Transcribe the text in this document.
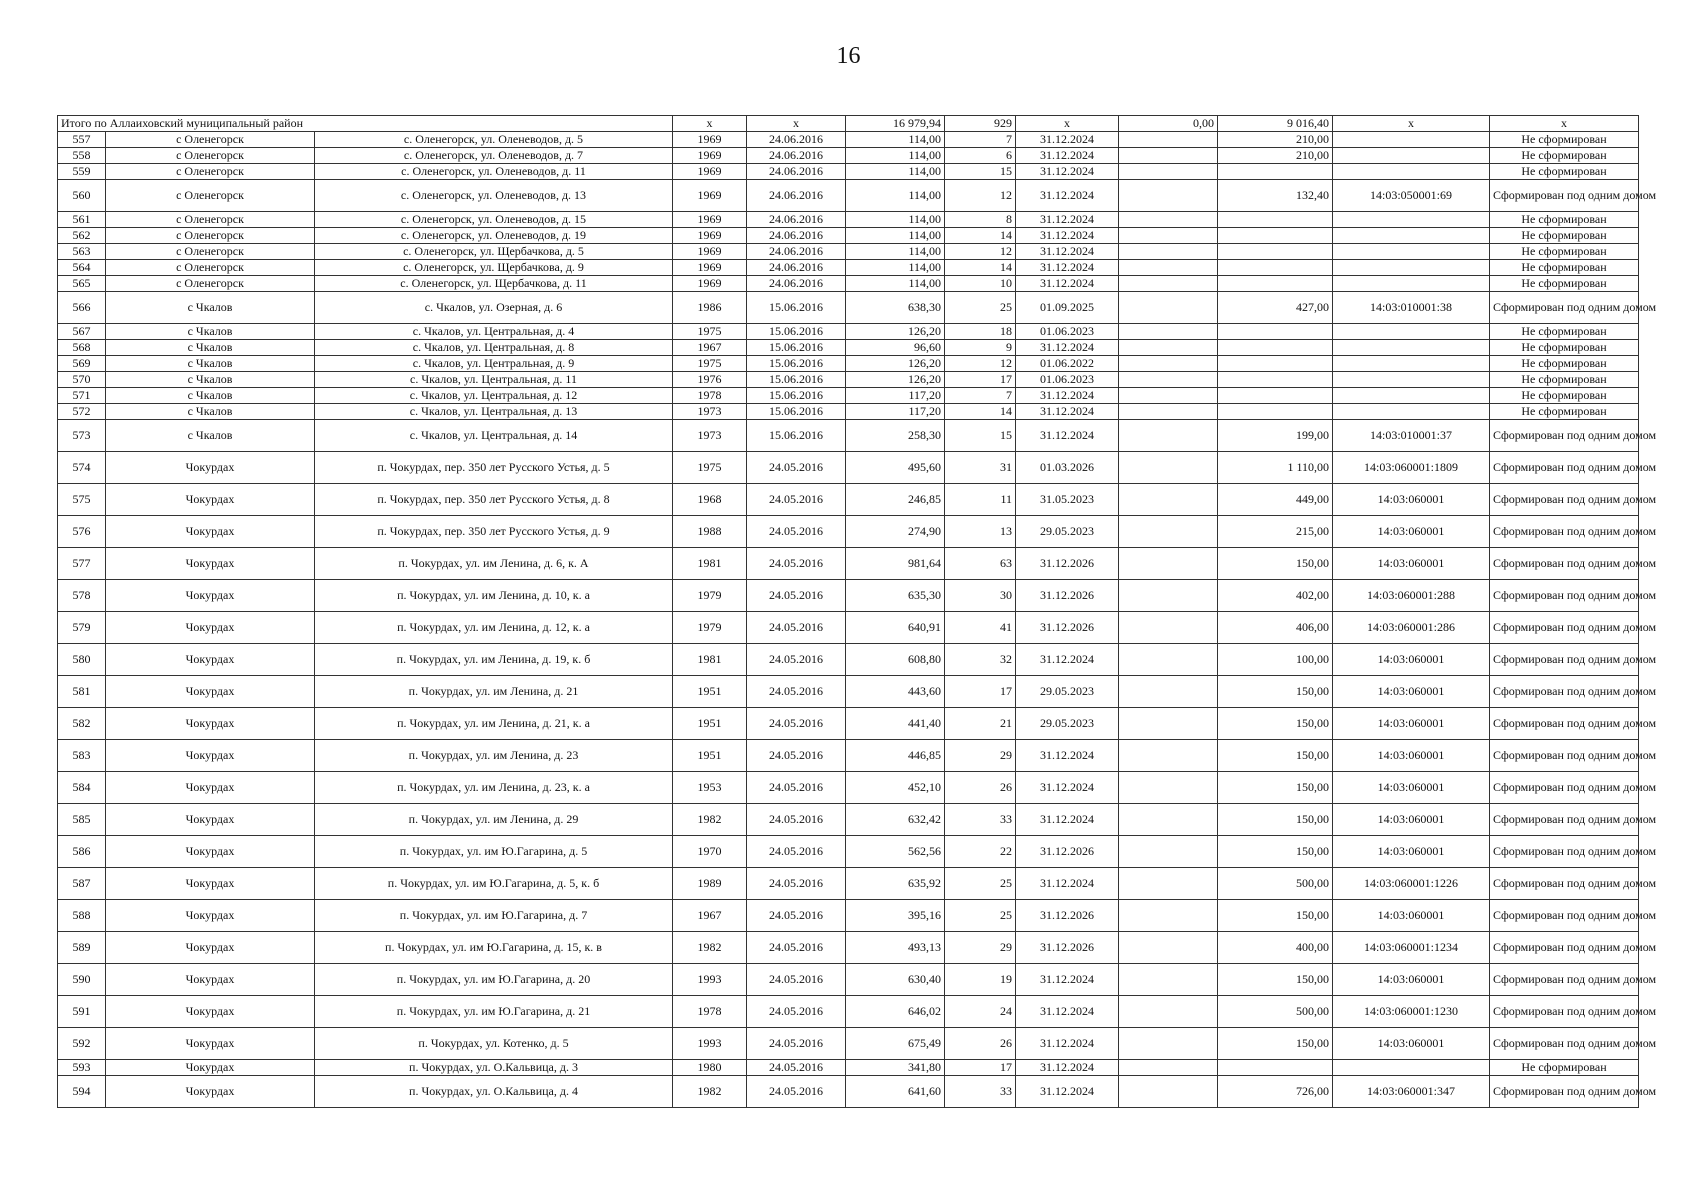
16
Итого по Аллаиховский муниципальный район			x	x	16 979,94	929	x	0,00	9 016,40	x	x
557	с Оленегорск	с. Оленегорск, ул. Оленеводов, д. 5	1969	24.06.2016	114,00	7	31.12.2024		210,00		Не сформирован
558	с Оленегорск	с. Оленегорск, ул. Оленеводов, д. 7	1969	24.06.2016	114,00	6	31.12.2024		210,00		Не сформирован
559	с Оленегорск	с. Оленегорск, ул. Оленеводов, д. 11	1969	24.06.2016	114,00	15	31.12.2024				Не сформирован
560	с Оленегорск	с. Оленегорск, ул. Оленеводов, д. 13	1969	24.06.2016	114,00	12	31.12.2024		132,40	14:03:050001:69	Сформирован под одним домом
561	с Оленегорск	с. Оленегорск, ул. Оленеводов, д. 15	1969	24.06.2016	114,00	8	31.12.2024				Не сформирован
562	с Оленегорск	с. Оленегорск, ул. Оленеводов, д. 19	1969	24.06.2016	114,00	14	31.12.2024				Не сформирован
563	с Оленегорск	с. Оленегорск, ул. Щербачкова, д. 5	1969	24.06.2016	114,00	12	31.12.2024				Не сформирован
564	с Оленегорск	с. Оленегорск, ул. Щербачкова, д. 9	1969	24.06.2016	114,00	14	31.12.2024				Не сформирован
565	с Оленегорск	с. Оленегорск, ул. Щербачкова, д. 11	1969	24.06.2016	114,00	10	31.12.2024				Не сформирован
566	с Чкалов	с. Чкалов, ул. Озерная, д. 6	1986	15.06.2016	638,30	25	01.09.2025		427,00	14:03:010001:38	Сформирован под одним домом
567	с Чкалов	с. Чкалов, ул. Центральная, д. 4	1975	15.06.2016	126,20	18	01.06.2023				Не сформирован
568	с Чкалов	с. Чкалов, ул. Центральная, д. 8	1967	15.06.2016	96,60	9	31.12.2024				Не сформирован
569	с Чкалов	с. Чкалов, ул. Центральная, д. 9	1975	15.06.2016	126,20	12	01.06.2022				Не сформирован
570	с Чкалов	с. Чкалов, ул. Центральная, д. 11	1976	15.06.2016	126,20	17	01.06.2023				Не сформирован
571	с Чкалов	с. Чкалов, ул. Центральная, д. 12	1978	15.06.2016	117,20	7	31.12.2024				Не сформирован
572	с Чкалов	с. Чкалов, ул. Центральная, д. 13	1973	15.06.2016	117,20	14	31.12.2024				Не сформирован
573	с Чкалов	с. Чкалов, ул. Центральная, д. 14	1973	15.06.2016	258,30	15	31.12.2024		199,00	14:03:010001:37	Сформирован под одним домом
574	Чокурдах	п. Чокурдах, пер. 350 лет Русского Устья, д. 5	1975	24.05.2016	495,60	31	01.03.2026		1 110,00	14:03:060001:1809	Сформирован под одним домом
575	Чокурдах	п. Чокурдах, пер. 350 лет Русского Устья, д. 8	1968	24.05.2016	246,85	11	31.05.2023		449,00	14:03:060001	Сформирован под одним домом
576	Чокурдах	п. Чокурдах, пер. 350 лет Русского Устья, д. 9	1988	24.05.2016	274,90	13	29.05.2023		215,00	14:03:060001	Сформирован под одним домом
577	Чокурдах	п. Чокурдах, ул. им Ленина, д. 6, к. А	1981	24.05.2016	981,64	63	31.12.2026		150,00	14:03:060001	Сформирован под одним домом
578	Чокурдах	п. Чокурдах, ул. им Ленина, д. 10, к. а	1979	24.05.2016	635,30	30	31.12.2026		402,00	14:03:060001:288	Сформирован под одним домом
579	Чокурдах	п. Чокурдах, ул. им Ленина, д. 12, к. а	1979	24.05.2016	640,91	41	31.12.2026		406,00	14:03:060001:286	Сформирован под одним домом
580	Чокурдах	п. Чокурдах, ул. им Ленина, д. 19, к. б	1981	24.05.2016	608,80	32	31.12.2024		100,00	14:03:060001	Сформирован под одним домом
581	Чокурдах	п. Чокурдах, ул. им Ленина, д. 21	1951	24.05.2016	443,60	17	29.05.2023		150,00	14:03:060001	Сформирован под одним домом
582	Чокурдах	п. Чокурдах, ул. им Ленина, д. 21, к. а	1951	24.05.2016	441,40	21	29.05.2023		150,00	14:03:060001	Сформирован под одним домом
583	Чокурдах	п. Чокурдах, ул. им Ленина, д. 23	1951	24.05.2016	446,85	29	31.12.2024		150,00	14:03:060001	Сформирован под одним домом
584	Чокурдах	п. Чокурдах, ул. им Ленина, д. 23, к. а	1953	24.05.2016	452,10	26	31.12.2024		150,00	14:03:060001	Сформирован под одним домом
585	Чокурдах	п. Чокурдах, ул. им Ленина, д. 29	1982	24.05.2016	632,42	33	31.12.2024		150,00	14:03:060001	Сформирован под одним домом
586	Чокурдах	п. Чокурдах, ул. им Ю.Гагарина, д. 5	1970	24.05.2016	562,56	22	31.12.2026		150,00	14:03:060001	Сформирован под одним домом
587	Чокурдах	п. Чокурдах, ул. им Ю.Гагарина, д. 5, к. б	1989	24.05.2016	635,92	25	31.12.2024		500,00	14:03:060001:1226	Сформирован под одним домом
588	Чокурдах	п. Чокурдах, ул. им Ю.Гагарина, д. 7	1967	24.05.2016	395,16	25	31.12.2026		150,00	14:03:060001	Сформирован под одним домом
589	Чокурдах	п. Чокурдах, ул. им Ю.Гагарина, д. 15, к. в	1982	24.05.2016	493,13	29	31.12.2026		400,00	14:03:060001:1234	Сформирован под одним домом
590	Чокурдах	п. Чокурдах, ул. им Ю.Гагарина, д. 20	1993	24.05.2016	630,40	19	31.12.2024		150,00	14:03:060001	Сформирован под одним домом
591	Чокурдах	п. Чокурдах, ул. им Ю.Гагарина, д. 21	1978	24.05.2016	646,02	24	31.12.2024		500,00	14:03:060001:1230	Сформирован под одним домом
592	Чокурдах	п. Чокурдах, ул. Котенко, д. 5	1993	24.05.2016	675,49	26	31.12.2024		150,00	14:03:060001	Сформирован под одним домом
593	Чокурдах	п. Чокурдах, ул. О.Кальвица, д. 3	1980	24.05.2016	341,80	17	31.12.2024				Не сформирован
594	Чокурдах	п. Чокурдах, ул. О.Кальвица, д. 4	1982	24.05.2016	641,60	33	31.12.2024		726,00	14:03:060001:347	Сформирован под одним домом
